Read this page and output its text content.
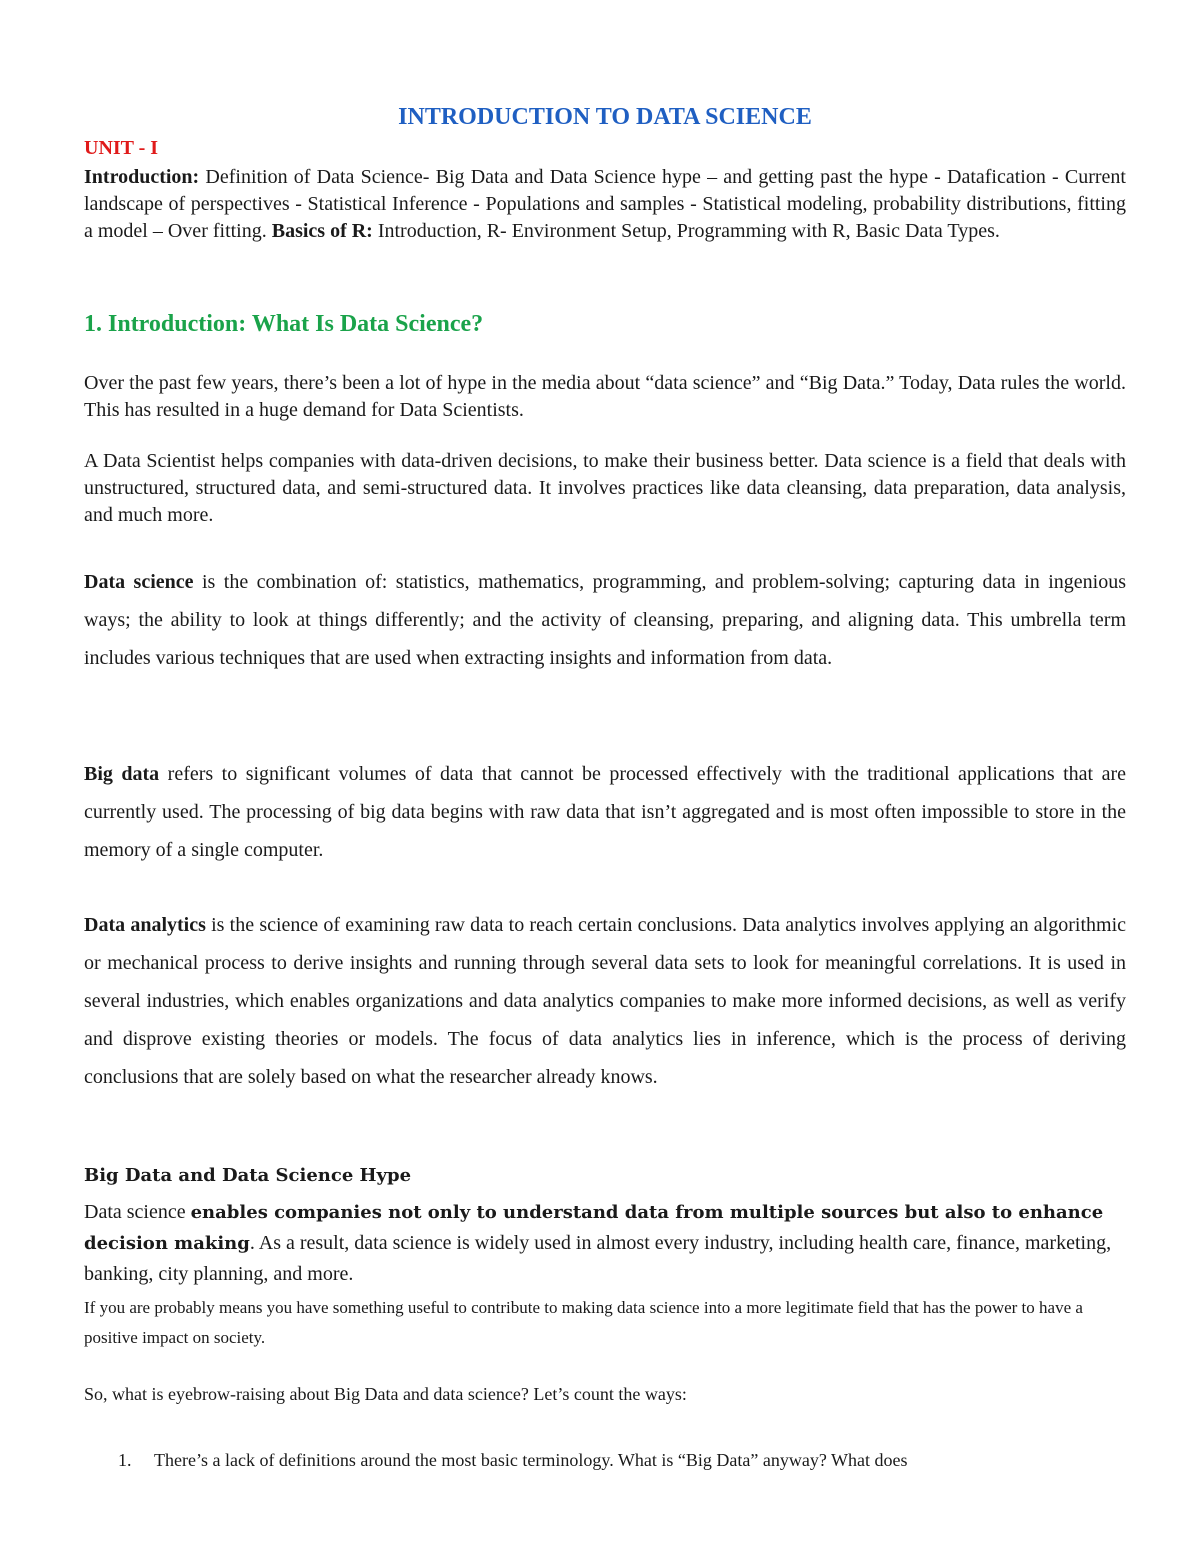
INTRODUCTION TO DATA SCIENCE
UNIT - I

Introduction: Definition of Data Science- Big Data and Data Science hype – and getting past the hype - Datafication - Current landscape of perspectives - Statistical Inference - Populations and samples - Statistical modeling, probability distributions, fitting a model – Over fitting. Basics of R: Introduction, R- Environment Setup, Programming with R, Basic Data Types.

1. Introduction: What Is Data Science?

Over the past few years, there’s been a lot of hype in the media about “data science” and “Big Data.” Today, Data rules the world. This has resulted in a huge demand for Data Scientists.

A Data Scientist helps companies with data-driven decisions, to make their business better. Data science is a field that deals with unstructured, structured data, and semi-structured data. It involves practices like data cleansing, data preparation, data analysis, and much more.

Data science is the combination of: statistics, mathematics, programming, and problem-solving; capturing data in ingenious ways; the ability to look at things differently; and the activity of cleansing, preparing, and aligning data. This umbrella term includes various techniques that are used when extracting insights and information from data.

Big data refers to significant volumes of data that cannot be processed effectively with the traditional applications that are currently used. The processing of big data begins with raw data that isn’t aggregated and is most often impossible to store in the memory of a single computer.

Data analytics is the science of examining raw data to reach certain conclusions. Data analytics involves applying an algorithmic or mechanical process to derive insights and running through several data sets to look for meaningful correlations. It is used in several industries, which enables organizations and data analytics companies to make more informed decisions, as well as verify and disprove existing theories or models. The focus of data analytics lies in inference, which is the process of deriving conclusions that are solely based on what the researcher already knows.

Big Data and Data Science Hype

Data science enables companies not only to understand data from multiple sources but also to enhance decision making. As a result, data science is widely used in almost every industry, including health care, finance, marketing, banking, city planning, and more.

If you are probably means you have something useful to contribute to making data science into a more legitimate field that has the power to have a positive impact on society.

So, what is eyebrow-raising about Big Data and data science? Let’s count the ways:

1. There’s a lack of definitions around the most basic terminology. What is “Big Data” anyway? What does
